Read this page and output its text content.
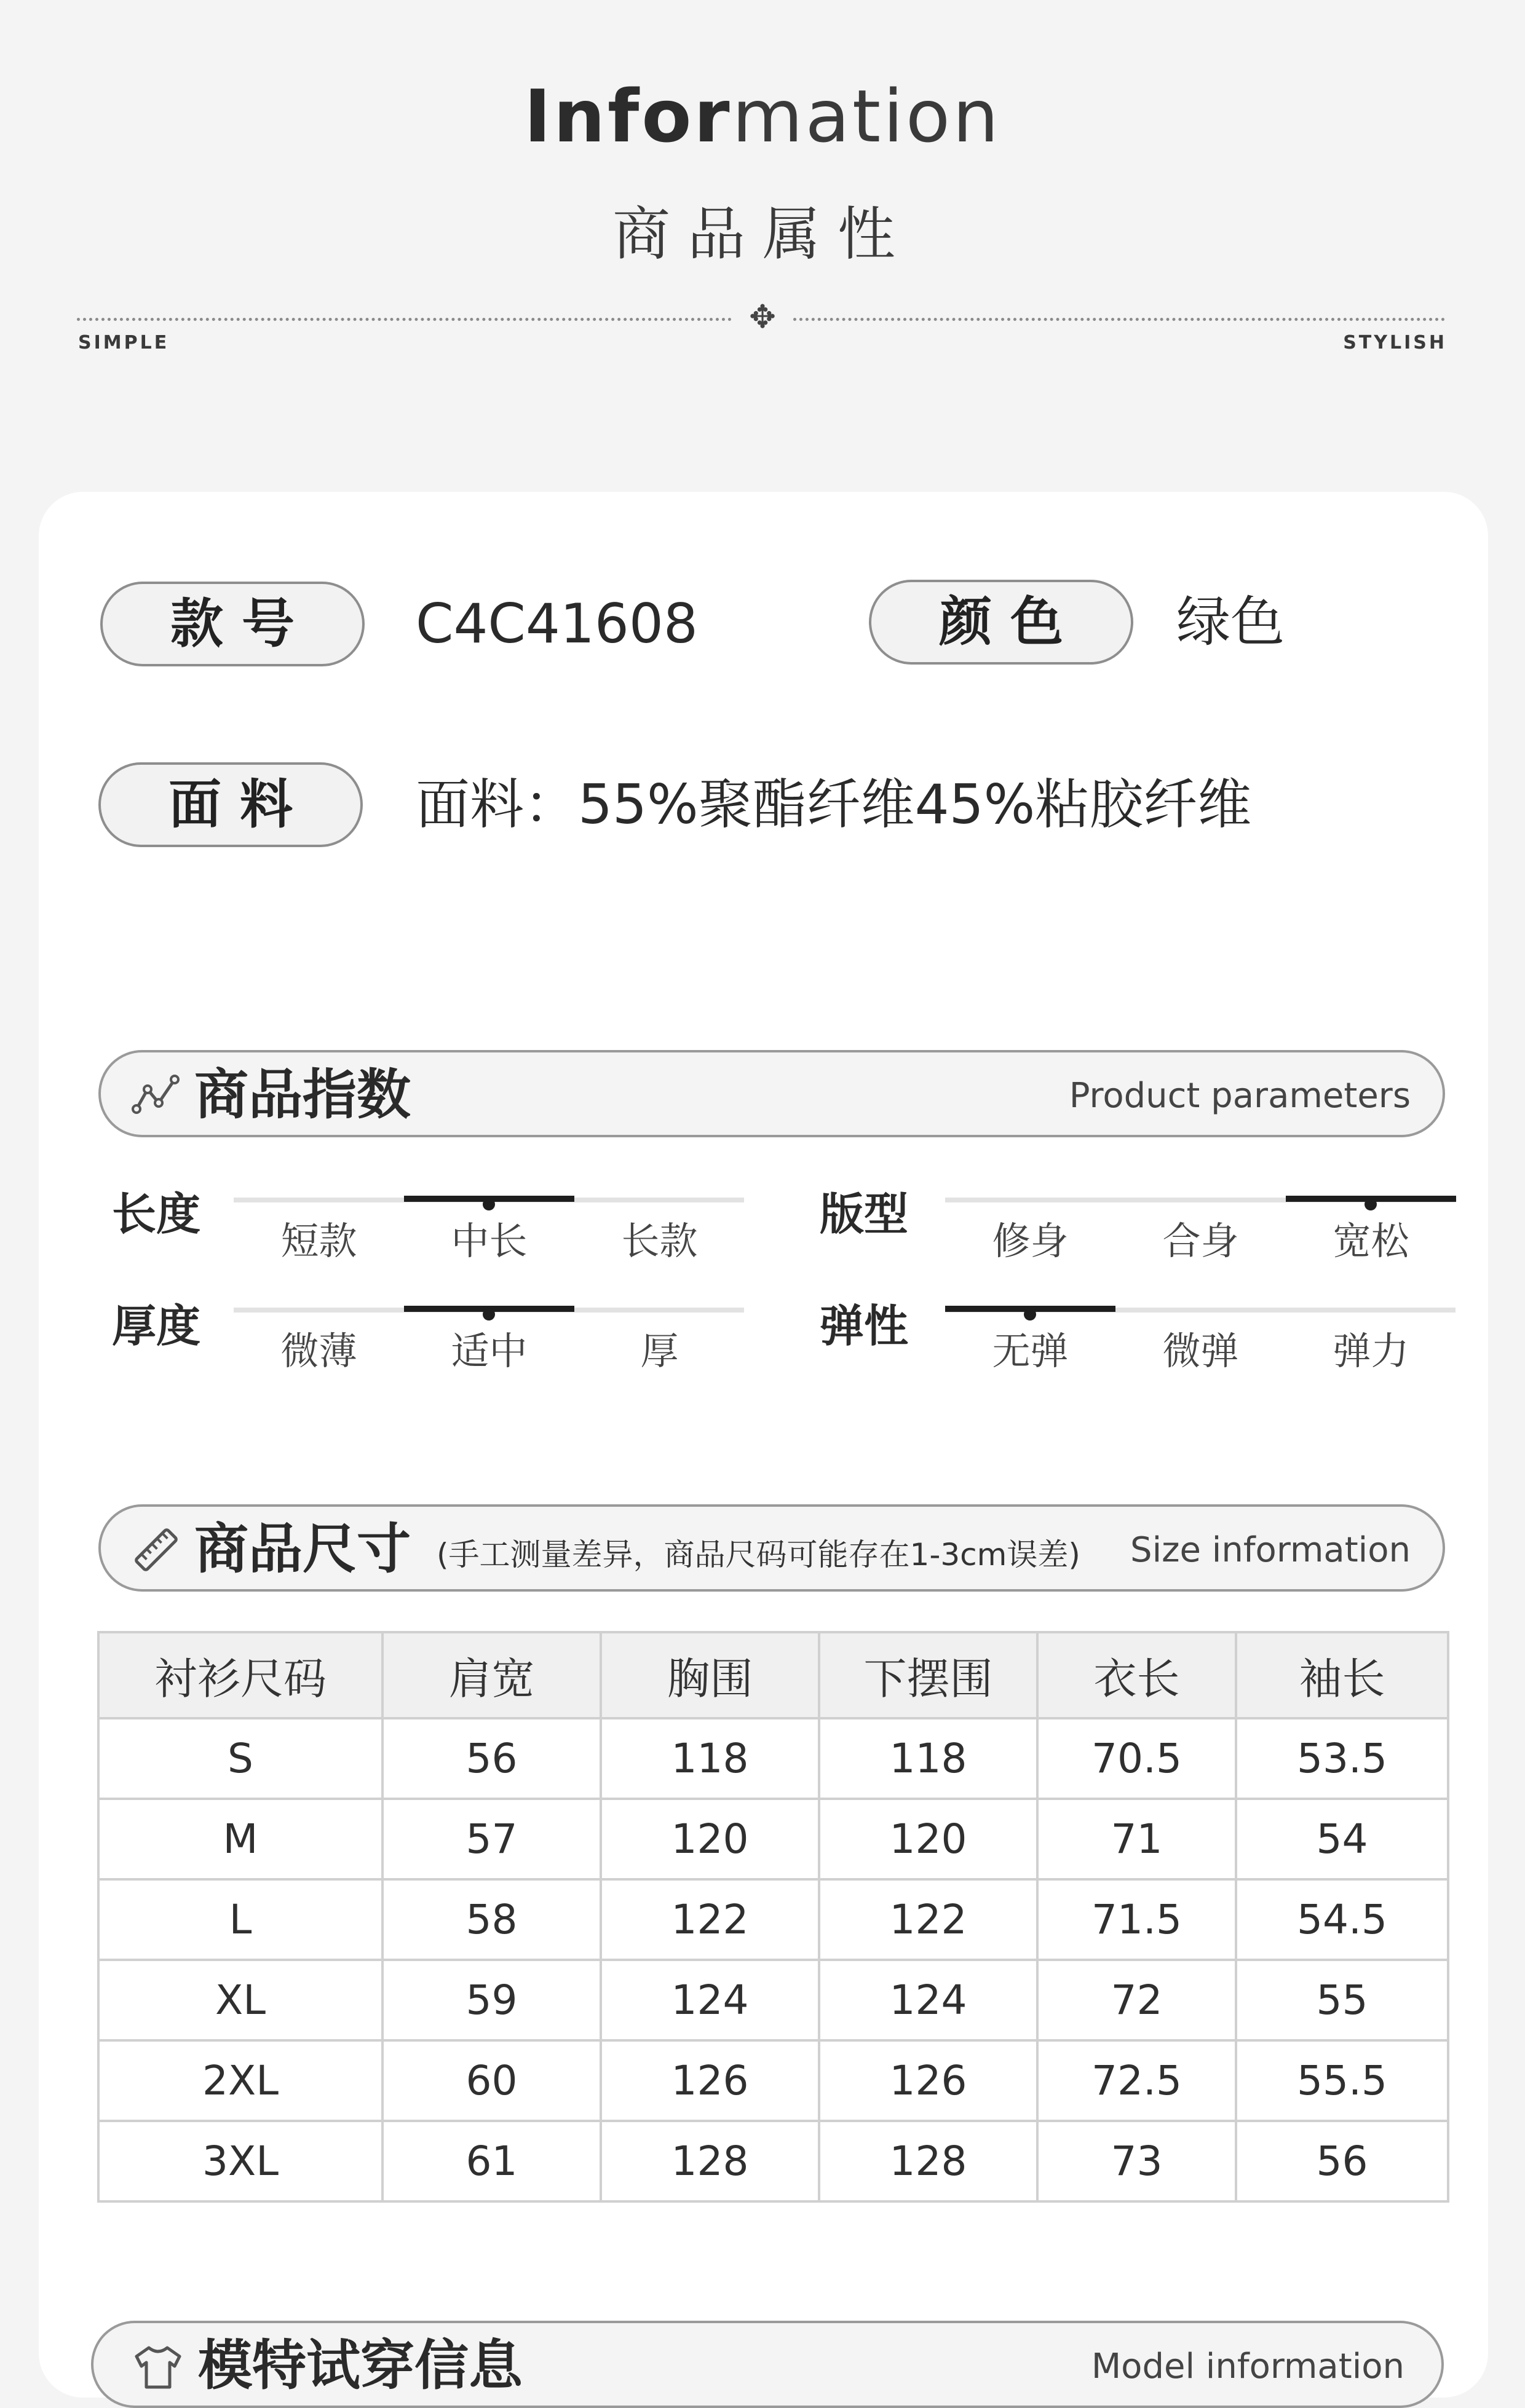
Information
商品属性
✥
SIMPLE	STYLISH
款号	C4C41608	颜色	绿色
面料	面料：55%聚酯纤维45%粘胶纤维
商品指数	Product parameters
长度
短款	中长	长款
版型
修身	合身	宽松
厚度	微薄	适中	厚	弹性	无弹	微弹	弹力
商品尺寸 (手工测量差异，商品尺码可能存在1-3cm误差) Size information
衬衫尺码	肩宽	胸围	下摆围	衣长	袖长
S	56	118	118	70.5	53.5
M	57	120	120	71	54
L	58	122	122	71.5	54.5
XL	59	124	124	72	55
2XL	60	126	126	72.5	55.5
3XL	61	128	128	73	56
模特试穿信息	Model information
